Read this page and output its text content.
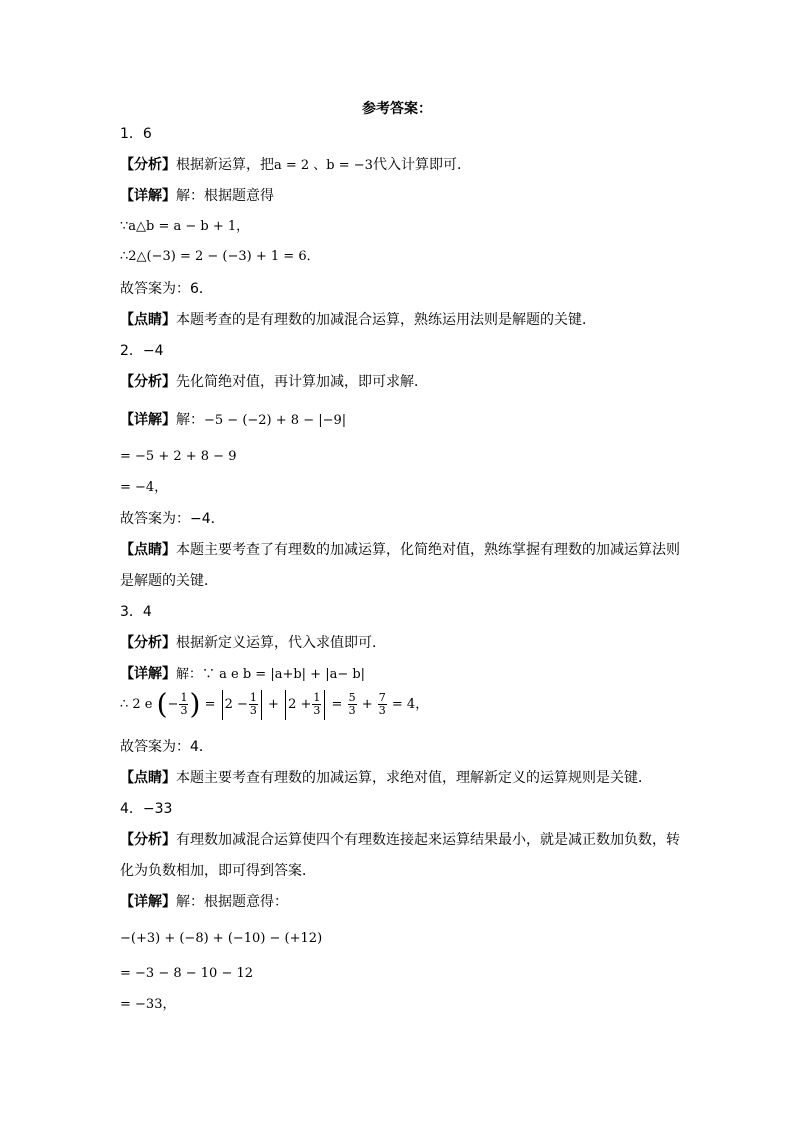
参考答案：
1．6
【分析】根据新运算，把a = 2 、b = −3代入计算即可．
【详解】解：根据题意得
∵a△b = a − b + 1，
∴2△(−3) = 2 − (−3) + 1 = 6．
故答案为：6．
【点睛】本题考查的是有理数的加减混合运算，熟练运用法则是解题的关键．
2．−4
【分析】先化简绝对值，再计算加减，即可求解．
【详解】解：−5 − (−2) + 8 − |−9|
= −5 + 2 + 8 − 9
= −4，
故答案为：−4．
【点睛】本题主要考查了有理数的加减运算，化简绝对值，熟练掌握有理数的加减运算法则
是解题的关键．
3．4
【分析】根据新定义运算，代入求值即可．
【详解】解：∵ a e b = |a+b| + |a− b|
∴ 2 e (− $\frac{1}{3}$ ) = $2 - \frac{1}{3} + 2 + \frac{1}{3} = \frac{5}{3} + \frac{7}{3} = 4$，
故答案为：4．
【点睛】本题主要考查有理数的加减运算，求绝对值，理解新定义的运算规则是关键．
4．−33
【分析】有理数加减混合运算使四个有理数连接起来运算结果最小，就是减正数加负数，转
化为负数相加，即可得到答案．
【详解】解：根据题意得：
−(+3) + (−8) + (−10) − (+12)
= −3 − 8 − 10 − 12
= −33，
